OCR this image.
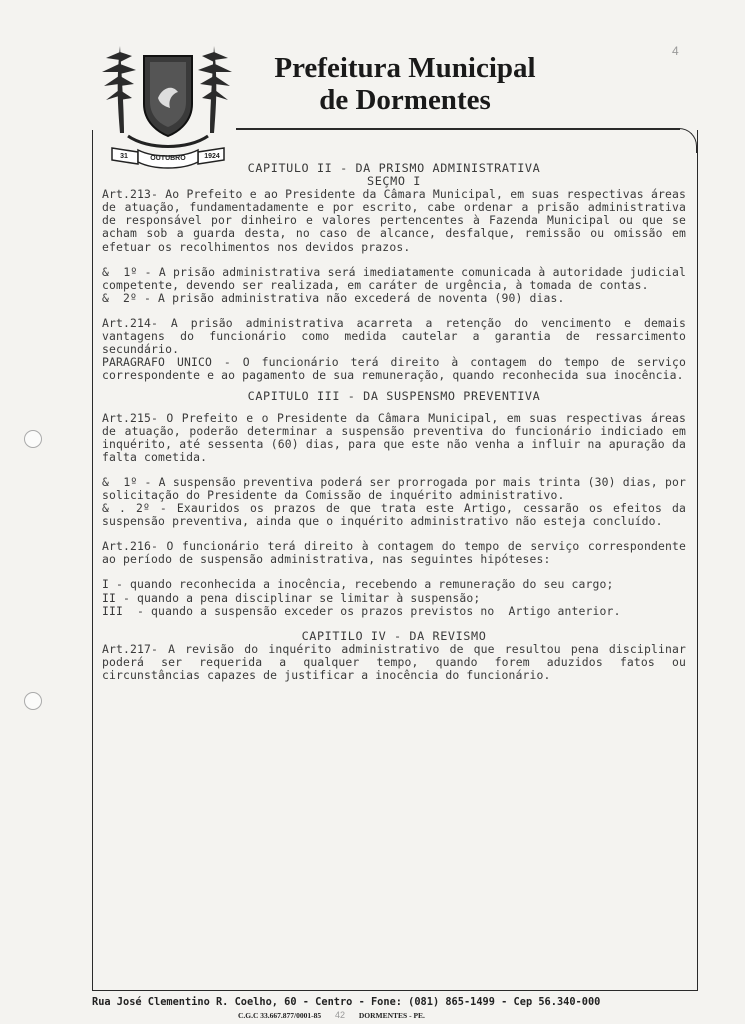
4
OUTUBRO
31	1924
Prefeitura Municipal
de Dormentes

CAPITULO II - DA PRISMO ADMINISTRATIVA

SEÇMO I

Art.213- Ao Prefeito e ao Presidente da Câmara Municipal, em suas respectivas áreas de atuação, fundamentadamente e por escrito, cabe ordenar a prisão administrativa de responsável por dinheiro e valores pertencentes à Fazenda Municipal ou que se acham sob a guarda desta, no caso de alcance, desfalque, remissão ou omissão em efetuar os recolhimentos nos devidos prazos.

&  1º - A prisão administrativa será imediatamente comunicada à autoridade judicial competente, devendo ser realizada, em caráter de urgência, à tomada de contas.

&  2º - A prisão administrativa não excederá de noventa (90) dias.

Art.214- A prisão administrativa acarreta a retenção do vencimento e demais vantagens do funcionário como medida cautelar a garantia de ressarcimento secundário.

PARAGRAFO UNICO - O funcionário terá direito à contagem do tempo de serviço correspondente e ao pagamento de sua remuneração, quando reconhecida sua inocência.

CAPITULO III - DA SUSPENSMO PREVENTIVA

Art.215- O Prefeito e o Presidente da Câmara Municipal, em suas respectivas áreas de atuação, poderão determinar a suspensão preventiva do funcionário indiciado em inquérito, até sessenta (60) dias, para que este não venha a influir na apuração da falta cometida.

&  1º - A suspensão preventiva poderá ser prorrogada por mais trinta (30) dias, por solicitação do Presidente da Comissão de inquérito administrativo.

& . 2º - Exauridos os prazos de que trata este Artigo, cessarão os efeitos da suspensão preventiva, ainda que o inquérito administrativo não esteja concluído.

Art.216- O funcionário terá direito à contagem do tempo de serviço correspondente ao período de suspensão administrativa, nas seguintes hipóteses:

I - quando reconhecida a inocência, recebendo a remuneração do seu cargo;

II - quando a pena disciplinar se limitar à suspensão;

III  - quando a suspensão exceder os prazos previstos no  Artigo anterior.

CAPITILO IV - DA REVISMO

Art.217- A revisão do inquérito administrativo de que resultou pena disciplinar poderá ser requerida a qualquer tempo, quando forem aduzidos fatos ou circunstâncias capazes de justificar a inocência do funcionário.

Rua José Clementino R. Coelho, 60 - Centro - Fone: (081) 865-1499 - Cep 56.340-000
C.G.C 33.667.877/0001-85 42 DORMENTES - PE.
